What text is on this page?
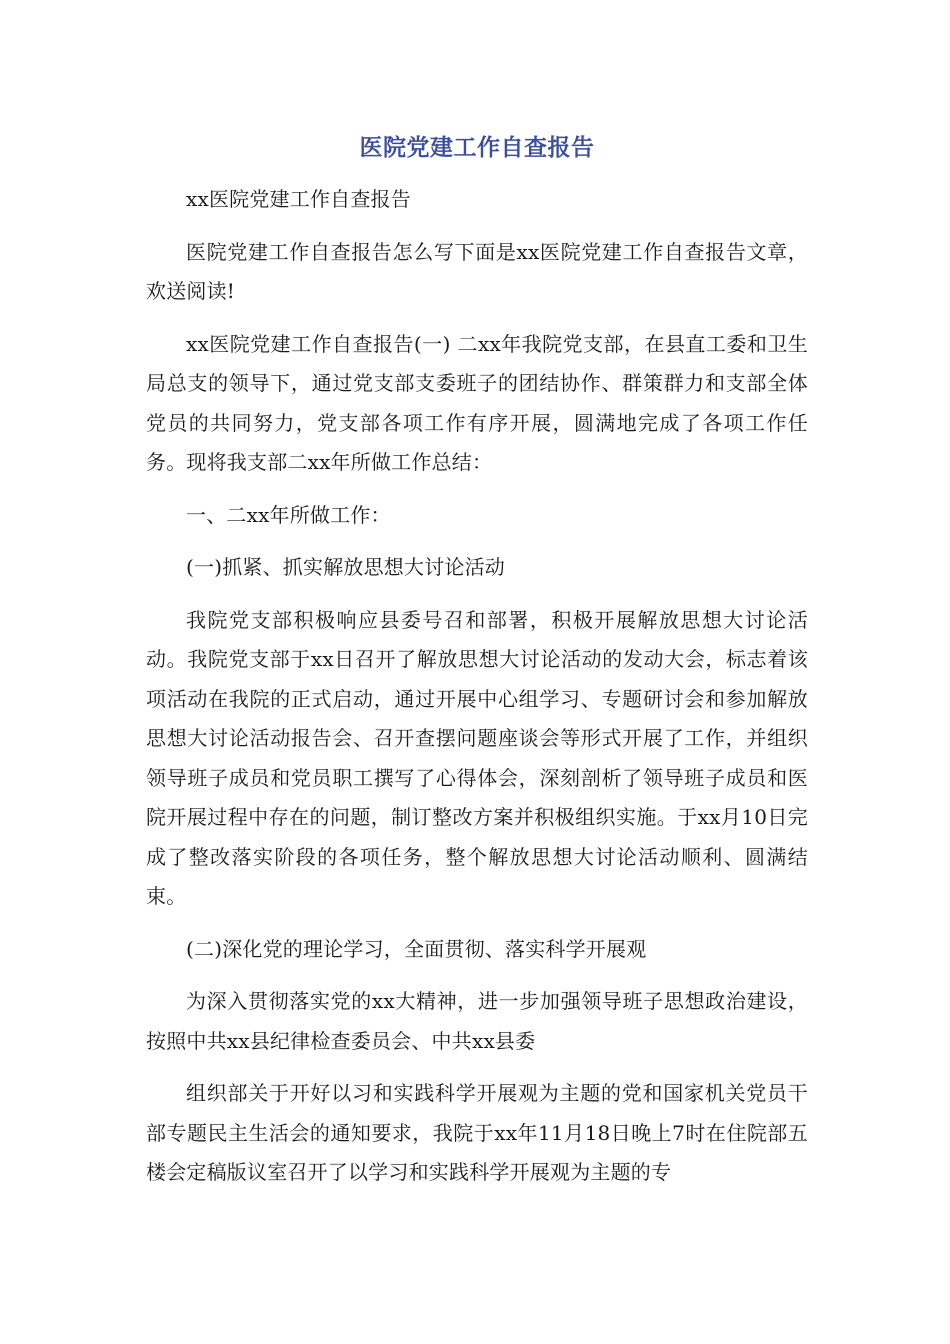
医院党建工作自查报告

xx医院党建工作自查报告

医院党建工作自查报告怎么写下面是xx医院党建工作自查报告文章，欢送阅读!

xx医院党建工作自查报告(一) 二xx年我院党支部，在县直工委和卫生局总支的领导下，通过党支部支委班子的团结协作、群策群力和支部全体党员的共同努力，党支部各项工作有序开展，圆满地完成了各项工作任务。现将我支部二xx年所做工作总结：

一、二xx年所做工作：

(一)抓紧、抓实解放思想大讨论活动

我院党支部积极响应县委号召和部署，积极开展解放思想大讨论活动。我院党支部于xx日召开了解放思想大讨论活动的发动大会，标志着该项活动在我院的正式启动，通过开展中心组学习、专题研讨会和参加解放思想大讨论活动报告会、召开查摆问题座谈会等形式开展了工作，并组织领导班子成员和党员职工撰写了心得体会，深刻剖析了领导班子成员和医院开展过程中存在的问题，制订整改方案并积极组织实施。于xx月10日完成了整改落实阶段的各项任务，整个解放思想大讨论活动顺利、圆满结束。

(二)深化党的理论学习，全面贯彻、落实科学开展观

为深入贯彻落实党的xx大精神，进一步加强领导班子思想政治建设，按照中共xx县纪律检查委员会、中共xx县委

组织部关于开好以习和实践科学开展观为主题的党和国家机关党员干部专题民主生活会的通知要求，我院于xx年11月18日晚上7时在住院部五楼会定稿版议室召开了以学习和实践科学开展观为主题的专
